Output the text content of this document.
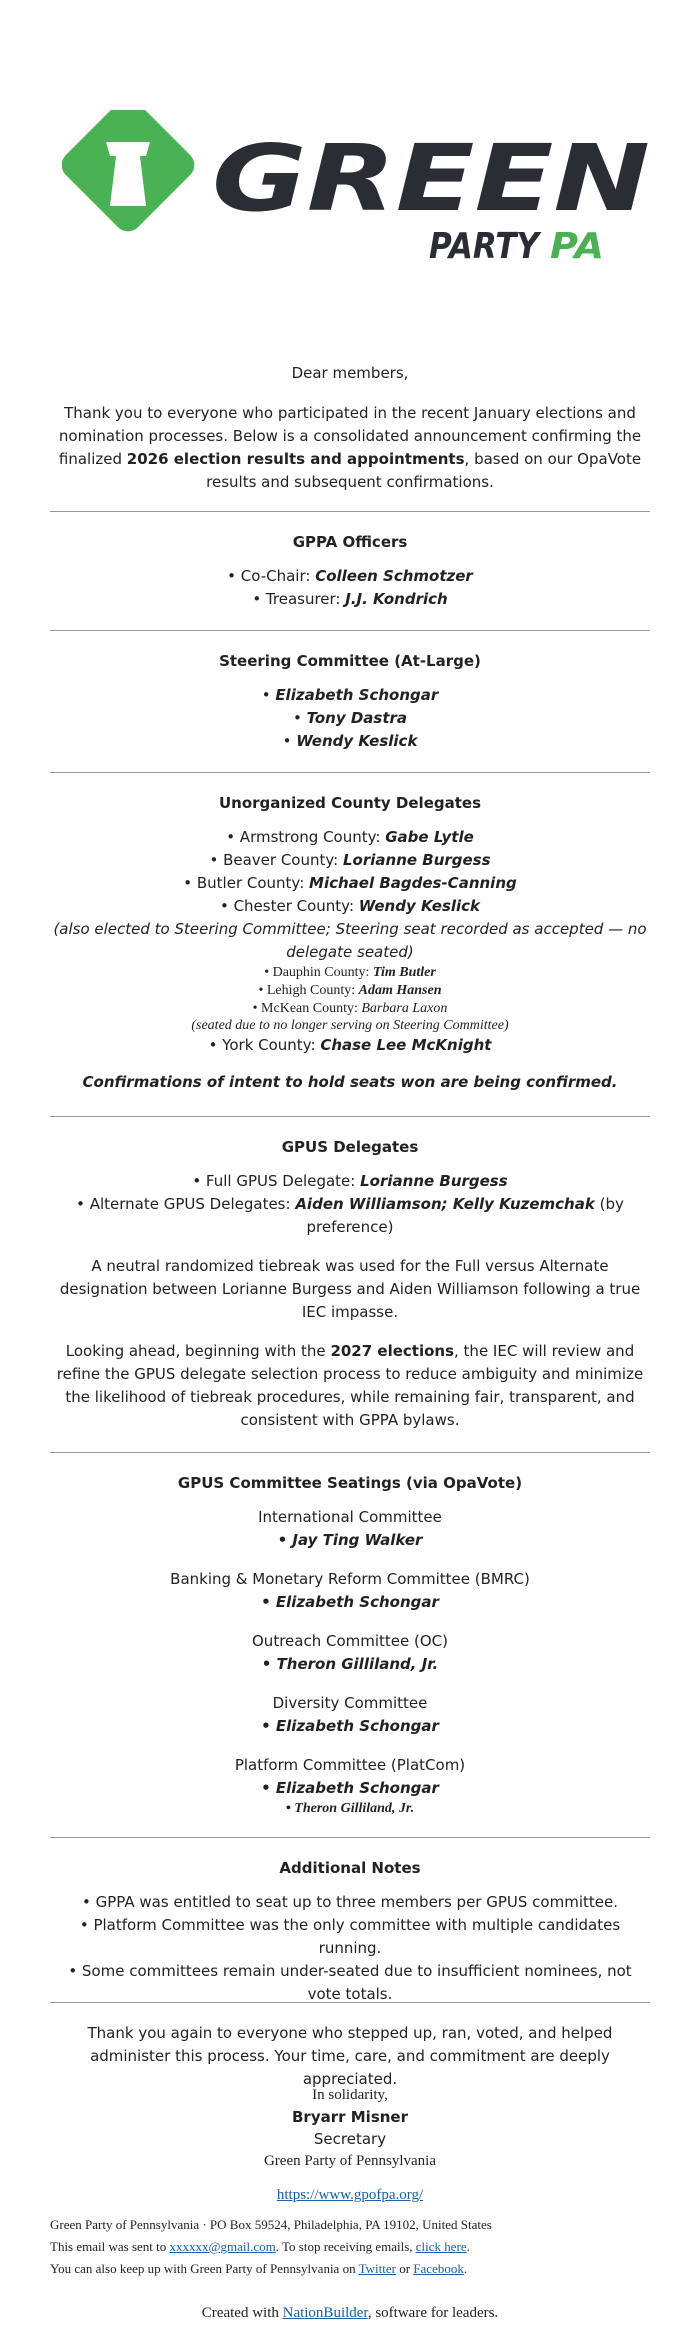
GREEN
PARTY PA

Dear members,

Thank you to everyone who participated in the recent January elections and nomination processes. Below is a consolidated announcement confirming the finalized 2026 election results and appointments, based on our OpaVote results and subsequent confirmations.

GPPA Officers

• Co-Chair: Colleen Schmotzer

• Treasurer: J.J. Kondrich

Steering Committee (At-Large)

• Elizabeth Schongar

• Tony Dastra

• Wendy Keslick

Unorganized County Delegates

• Armstrong County: Gabe Lytle

• Beaver County: Lorianne Burgess

• Butler County: Michael Bagdes-Canning

• Chester County: Wendy Keslick

(also elected to Steering Committee; Steering seat recorded as accepted — no delegate seated)

• Dauphin County: Tim Butler

• Lehigh County: Adam Hansen

• McKean County: Barbara Laxon

(seated due to no longer serving on Steering Committee)

• York County: Chase Lee McKnight

Confirmations of intent to hold seats won are being confirmed.

GPUS Delegates

• Full GPUS Delegate: Lorianne Burgess

• Alternate GPUS Delegates: Aiden Williamson; Kelly Kuzemchak (by preference)

A neutral randomized tiebreak was used for the Full versus Alternate designation between Lorianne Burgess and Aiden Williamson following a true IEC impasse.

Looking ahead, beginning with the 2027 elections, the IEC will review and refine the GPUS delegate selection process to reduce ambiguity and minimize the likelihood of tiebreak procedures, while remaining fair, transparent, and consistent with GPPA bylaws.

GPUS Committee Seatings (via OpaVote)

International Committee

• Jay Ting Walker

Banking & Monetary Reform Committee (BMRC)

• Elizabeth Schongar

Outreach Committee (OC)

• Theron Gilliland, Jr.

Diversity Committee

• Elizabeth Schongar

Platform Committee (PlatCom)

• Elizabeth Schongar

• Theron Gilliland, Jr.

Additional Notes

• GPPA was entitled to seat up to three members per GPUS committee.

• Platform Committee was the only committee with multiple candidates running.

• Some committees remain under-seated due to insufficient nominees, not vote totals.

Thank you again to everyone who stepped up, ran, voted, and helped administer this process. Your time, care, and commitment are deeply appreciated.

In solidarity,

Bryarr Misner

Secretary

Green Party of Pennsylvania

https://www.gpofpa.org/

Green Party of Pennsylvania · PO Box 59524, Philadelphia, PA 19102, United States
This email was sent to xxxxxx@gmail.com. To stop receiving emails, click here.
You can also keep up with Green Party of Pennsylvania on Twitter or Facebook.
Created with NationBuilder, software for leaders.
